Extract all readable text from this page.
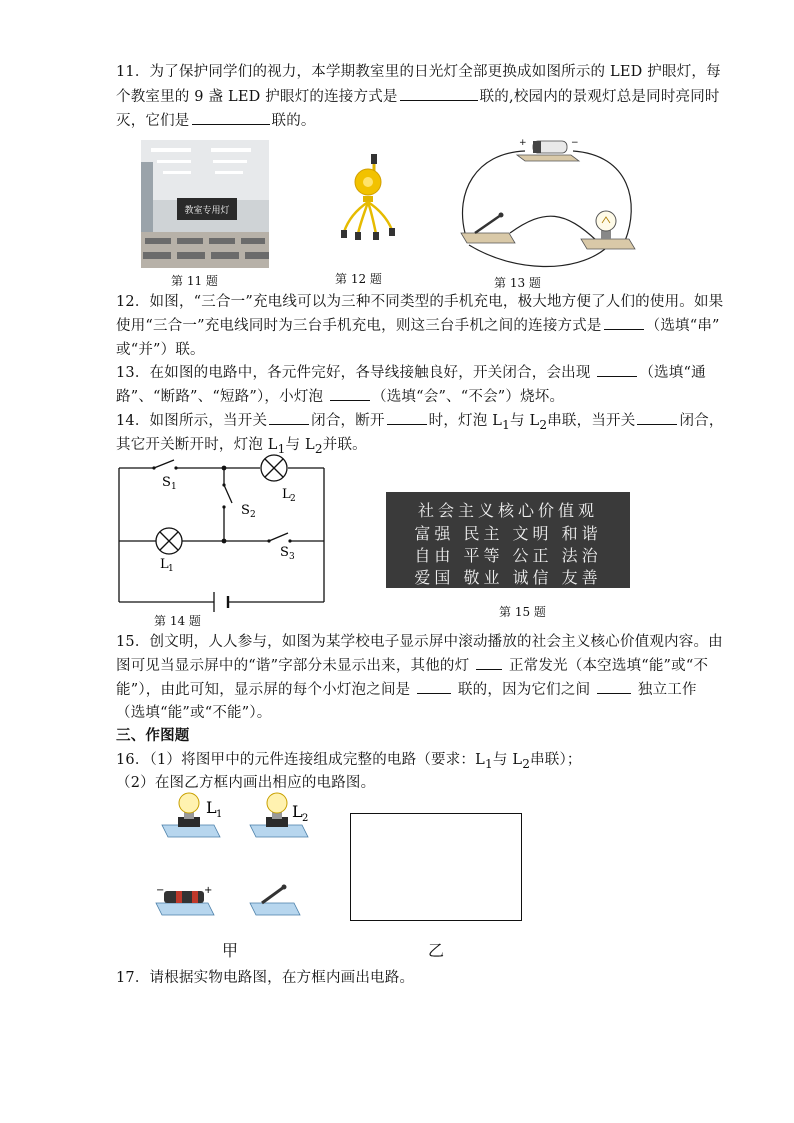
11．为了保护同学们的视力，本学期教室里的日光灯全部更换成如图所示的 LED 护眼灯，每
个教室里的 9 盏 LED 护眼灯的连接方式是	联的,校园内的景观灯总是同时亮同时
灭，它们是	联的。
教室专用灯
第 11 题	第 12 题
+	−
第 13 题
12．如图，“三合一”充电线可以为三种不同类型的手机充电，极大地方便了人们的使用。如果
使用“三合一”充电线同时为三台手机充电，则这三台手机之间的连接方式是	（选填“串”
或“并”）联。
13．在如图的电路中，各元件完好，各导线接触良好，开关闭合，会出现	（选填“通
路”、“断路”、“短路”），小灯泡	（选填“会”、“不会”）烧坏。
14．如图所示，当开关	闭合，断开	时，灯泡 $L_1$与 $L_2$串联，当开关	闭合，
其它开关断开时，灯泡 $L_1$与 $L_2$并联。
S 1
S 2
S 3
L 2
L 1
第 14 题
社会主义核心价值观
富强 民主 文明 和谐
自由 平等 公正 法治
爱国 敬业 诚信 友善
第 15 题
15．创文明，人人参与，如图为某学校电子显示屏中滚动播放的社会主义核心价值观内容。由
图可见当显示屏中的“谐”字部分未显示出来，其他的灯  正常发光（本空选填“能”或“不
能”），由此可知，显示屏的每个小灯泡之间是	联的，因为它们之间	独立工作
（选填“能”或“不能”）。
三、作图题
16．（1）将图甲中的元件连接组成完整的电路（要求：$L_1$与 $L_2$串联）；
（2）在图乙方框内画出相应的电路图。
L 1	L 2
−	+
甲	乙
17．请根据实物电路图，在方框内画出电路。
